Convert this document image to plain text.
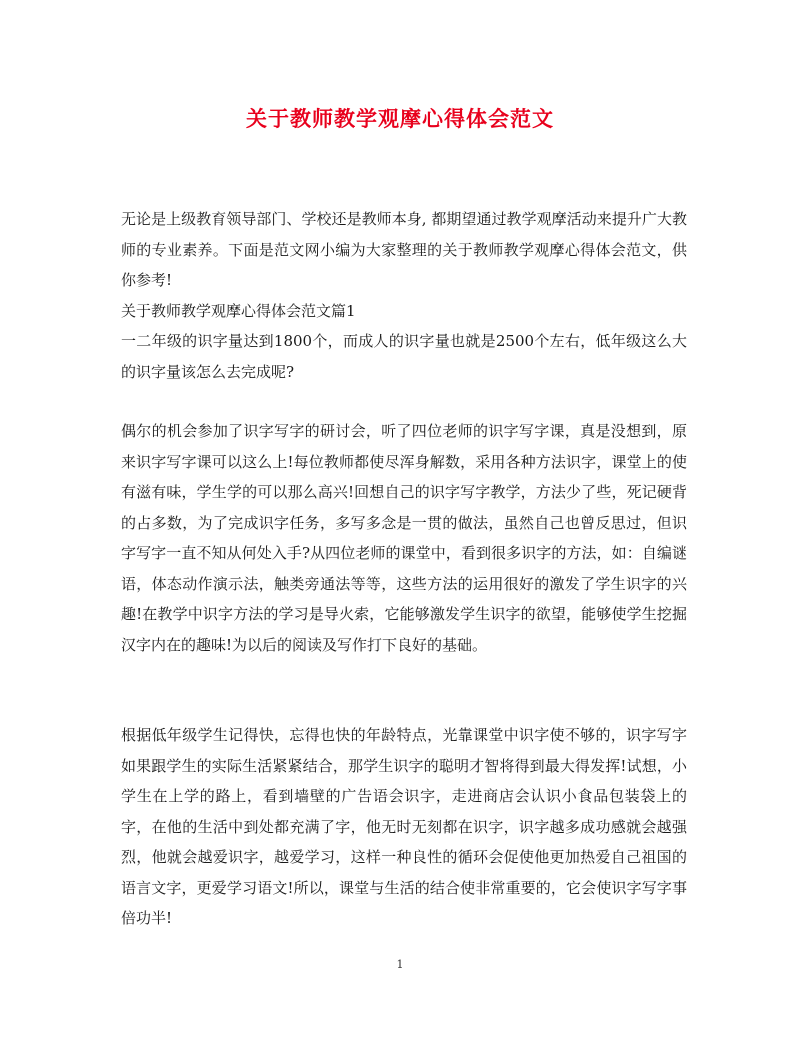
关于教师教学观摩心得体会范文

无论是上级教育领导部门、学校还是教师本身, 都期望通过教学观摩活动来提升广大教师的专业素养。下面是范文网小编为大家整理的关于教师教学观摩心得体会范文，供你参考!

关于教师教学观摩心得体会范文篇1

一二年级的识字量达到1800个，而成人的识字量也就是2500个左右，低年级这么大的识字量该怎么去完成呢?

偶尔的机会参加了识字写字的研讨会，听了四位老师的识字写字课，真是没想到，原来识字写字课可以这么上!每位教师都使尽浑身解数，采用各种方法识字，课堂上的使有滋有味，学生学的可以那么高兴!回想自己的识字写字教学，方法少了些，死记硬背的占多数，为了完成识字任务，多写多念是一贯的做法，虽然自己也曾反思过，但识字写字一直不知从何处入手?从四位老师的课堂中，看到很多识字的方法，如：自编谜语，体态动作演示法，触类旁通法等等，这些方法的运用很好的激发了学生识字的兴趣!在教学中识字方法的学习是导火索，它能够激发学生识字的欲望，能够使学生挖掘汉字内在的趣味!为以后的阅读及写作打下良好的基础。
根据低年级学生记得快，忘得也快的年龄特点，光靠课堂中识字使不够的，识字写字如果跟学生的实际生活紧紧结合，那学生识字的聪明才智将得到最大得发挥!试想，小学生在上学的路上，看到墙壁的广告语会识字，走进商店会认识小食品包装袋上的字，在他的生活中到处都充满了字，他无时无刻都在识字，识字越多成功感就会越强烈，他就会越爱识字，越爱学习，这样一种良性的循环会促使他更加热爱自己祖国的语言文字，更爱学习语文!所以，课堂与生活的结合使非常重要的，它会使识字写字事倍功半!
1
